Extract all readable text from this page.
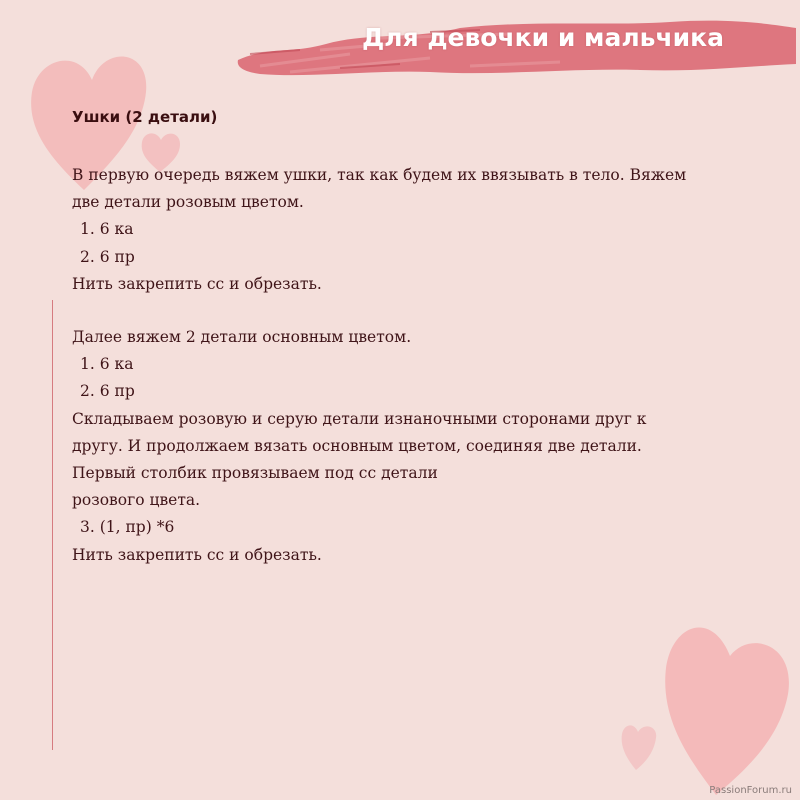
Для девочки и мальчика

Ушки (2 детали)

В первую очередь вяжем ушки, так как будем их ввязывать в тело. Вяжем

две детали розовым цветом.

1. 6 ка

2. 6 пр

Нить закрепить сс и обрезать.

Далее вяжем 2 детали основным цветом.

1. 6 ка

2. 6 пр

Складываем розовую и серую детали изнаночными сторонами друг к

другу. И продолжаем вязать основным цветом, соединяя две детали.

Первый столбик провязываем под сс детали

розового цвета.

3. (1, пр) *6

Нить закрепить сс и обрезать.

PassionForum.ru
